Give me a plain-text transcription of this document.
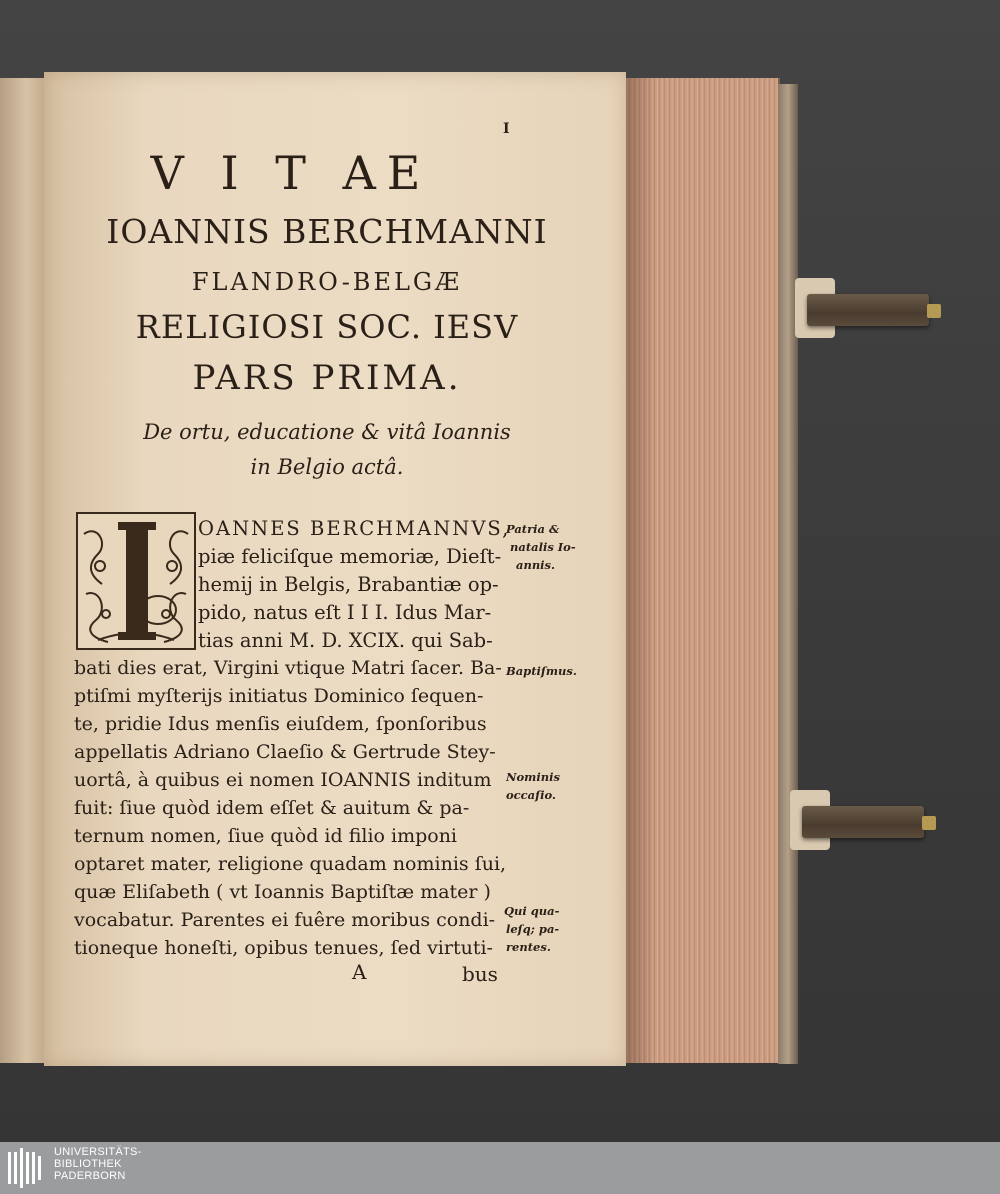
I
V I T AE
IOANNIS BERCHMANNI
FLANDRO-BELGÆ
RELIGIOSI SOC. IESV
PARS PRIMA.
De ortu, educatione & vitâ Ioannis
in Belgio actâ.
OANNES BERCHMANNVS,
piæ feliciſque memoriæ, Dieſt-
hemij in Belgis, Brabantiæ op-
pido, natus eſt I I I. Idus Mar-
tias anni M. D. XCIX. qui Sab-
bati dies erat, Virgini vtique Matri ſacer. Ba-
ptiſmi myſterijs initiatus Dominico ſequen-
te, pridie Idus menſis eiuſdem, ſponſoribus
appellatis Adriano Claeſio & Gertrude Stey-
uortâ, à quibus ei nomen IOANNIS inditum
fuit: ſiue quòd idem eſſet & auitum & pa-
ternum nomen, ſiue quòd id filio imponi
optaret mater, religione quadam nominis ſui,
quæ Eliſabeth ( vt Ioannis Baptiſtæ mater )
vocabatur. Parentes ei fuêre moribus condi-
tioneque honeſti, opibus tenues, ſed virtuti-
A	bus
Patria &
natalis Io-
annis.
Baptiſmus.
Nominis
occaſio.
Qui qua-
leſq; pa-
rentes.
UNIVERSITÄTS-
BIBLIOTHEK
PADERBORN
